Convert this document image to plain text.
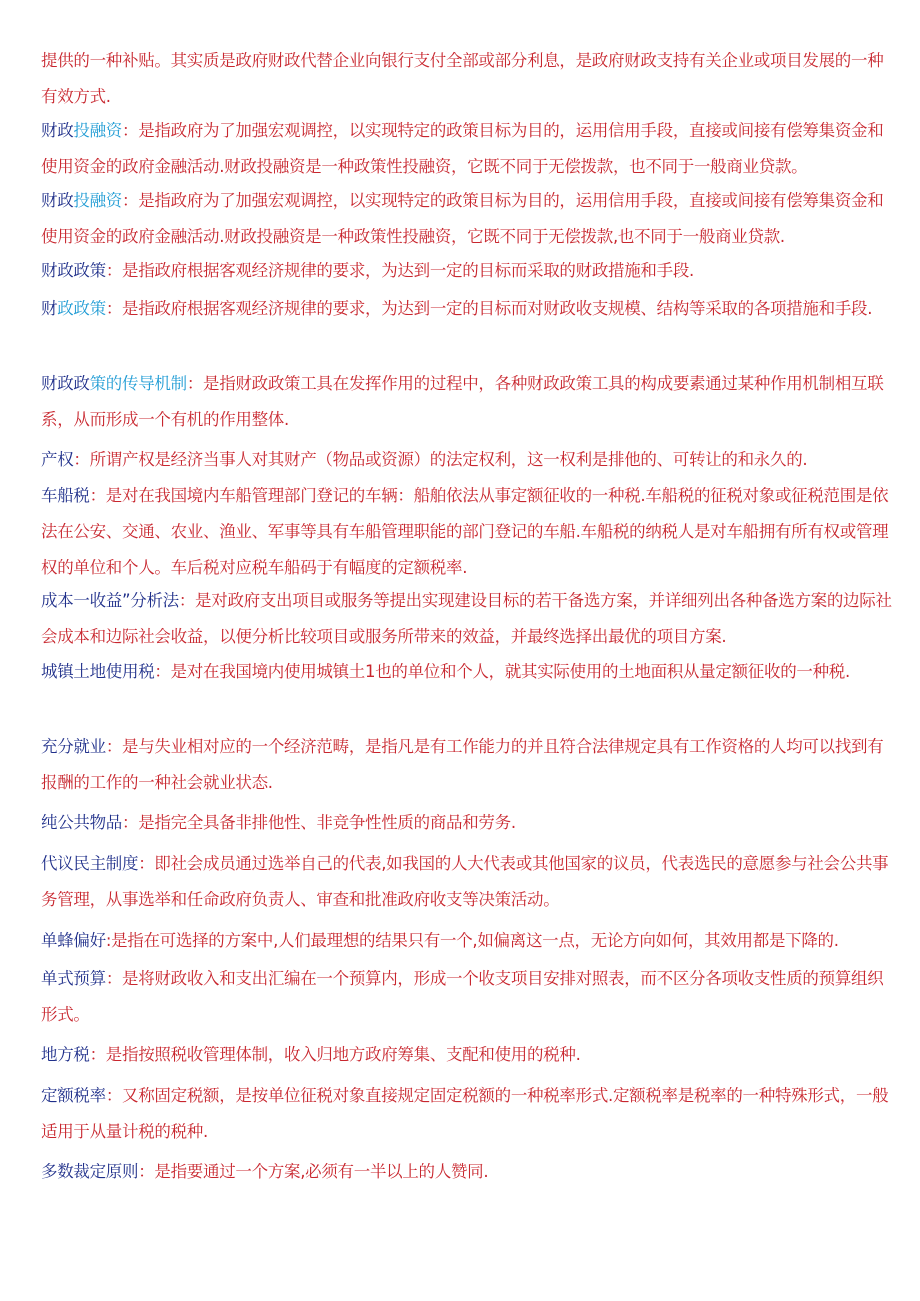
提供的一种补贴。其实质是政府财政代替企业向银行支付全部或部分利息，是政府财政支持有关企业或项目发展的一种有效方式.

财政投融资：是指政府为了加强宏观调控，以实现特定的政策目标为目的，运用信用手段，直接或间接有偿筹集资金和使用资金的政府金融活动.财政投融资是一种政策性投融资，它既不同于无偿拨款，也不同于一般商业贷款。

财政投融资：是指政府为了加强宏观调控，以实现特定的政策目标为目的，运用信用手段，直接或间接有偿筹集资金和使用资金的政府金融活动.财政投融资是一种政策性投融资，它既不同于无偿拨款,也不同于一般商业贷款.

财政政策：是指政府根据客观经济规律的要求，为达到一定的目标而采取的财政措施和手段.

财政政策：是指政府根据客观经济规律的要求，为达到一定的目标而对财政收支规模、结构等采取的各项措施和手段.

财政政策的传导机制：是指财政政策工具在发挥作用的过程中，各种财政政策工具的构成要素通过某种作用机制相互联系，从而形成一个有机的作用整体.

产权：所谓产权是经济当事人对其财产（物品或资源）的法定权利，这一权利是排他的、可转让的和永久的.

车船税：是对在我国境内车船管理部门登记的车辆：船舶依法从事定额征收的一种税.车船税的征税对象或征税范围是依法在公安、交通、农业、渔业、军事等具有车船管理职能的部门登记的车船.车船税的纳税人是对车船拥有所有权或管理权的单位和个人。车后税对应税车船码于有幅度的定额税率.

成本一收益”分析法：是对政府支出项目或服务等提出实现建设目标的若干备选方案，并详细列出各种备选方案的边际社会成本和边际社会收益，以便分析比较项目或服务所带来的效益，并最终选择出最优的项目方案.

城镇土地使用税：是对在我国境内使用城镇土1也的单位和个人，就其实际使用的土地面积从量定额征收的一种税.

充分就业：是与失业相对应的一个经济范畴，是指凡是有工作能力的并且符合法律规定具有工作资格的人均可以找到有报酬的工作的一种社会就业状态.

纯公共物品：是指完全具备非排他性、非竞争性性质的商品和劳务.

代议民主制度：即社会成员通过选举自己的代表,如我国的人大代表或其他国家的议员，代表选民的意愿参与社会公共事务管理，从事选举和任命政府负责人、审查和批准政府收支等决策活动。

单蜂偏好:是指在可选择的方案中,人们最理想的结果只有一个,如偏离这一点，无论方向如何，其效用都是下降的.

单式预算：是将财政收入和支出汇编在一个预算内，形成一个收支项目安排对照表，而不区分各项收支性质的预算组织形式。

地方税：是指按照税收管理体制，收入归地方政府筹集、支配和使用的税种.

定额税率：又称固定税额，是按单位征税对象直接规定固定税额的一种税率形式.定额税率是税率的一种特殊形式，一般适用于从量计税的税种.

多数裁定原则：是指要通过一个方案,必须有一半以上的人赞同.
